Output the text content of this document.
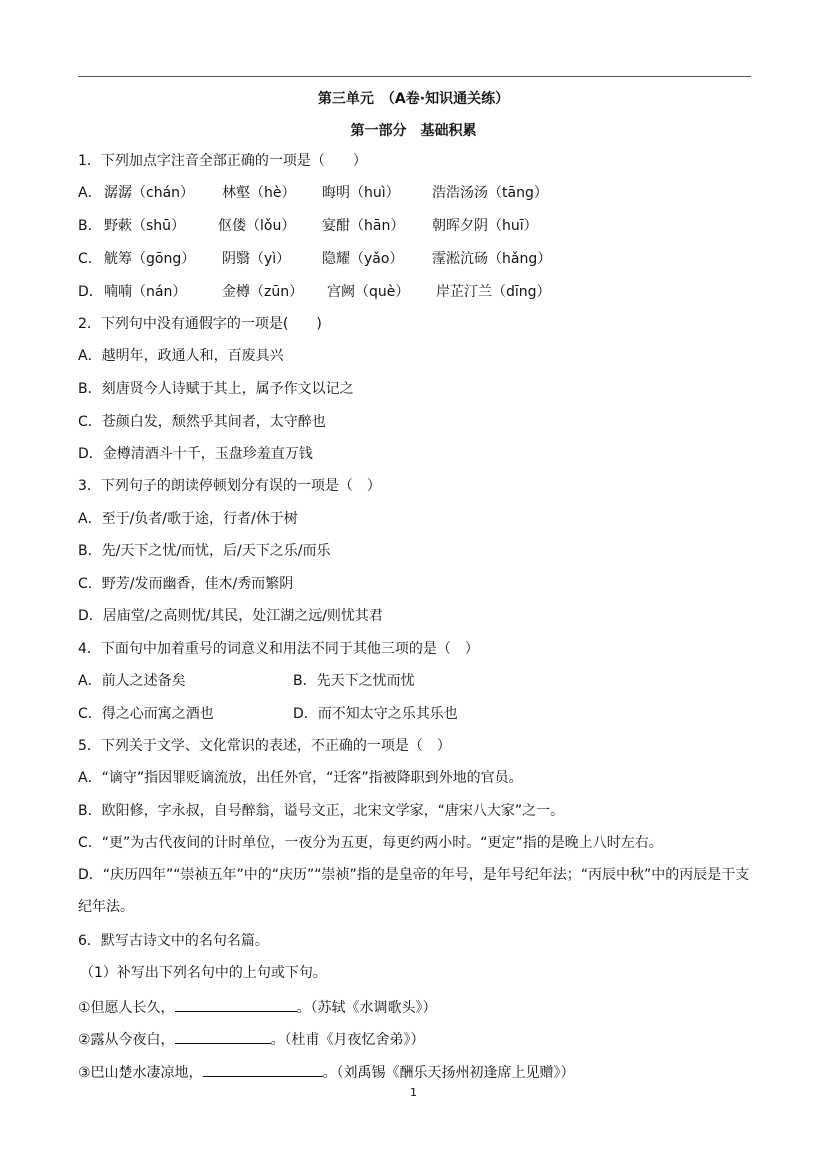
第三单元　（A卷·知识通关练）
第一部分　基础积累
1．下列加点字注音全部正确的一项是（　　）
A． 潺潺（chán） 林壑（hè） 晦明（huì） 浩浩汤汤（tāng）
B． 野蔌（shū） 伛偻（lǒu） 宴酣（hān） 朝晖夕阴（huī）
C． 觥筹（gōng） 阴翳（yì） 隐耀（yǎo） 霪淞沆砀（hǎng）
D． 喃喃（nán）	金樽（zūn） 宫阙（què） 岸芷汀兰（dīng）
2．下列句中没有通假字的一项是(　　)
A．越明年，政通人和，百废具兴
B．刻唐贤今人诗赋于其上，属予作文以记之
C．苍颜白发，颓然乎其间者，太守醉也
D．金樽清酒斗十千，玉盘珍羞直万钱
3．下列句子的朗读停顿划分有误的一项是（　）
A．至于/负者/歌于途，行者/休于树
B．先/天下之忧/而忧，后/天下之乐/而乐
C．野芳/发而幽香，佳木/秀而繁阴
D．居庙堂/之高则忧/其民，处江湖之远/则忧其君
4．下面句中加着重号的词意义和用法不同于其他三项的是（　）
A．前人之述备矣	B．先天下之忧而忧
C．得之心而寓之酒也	D．而不知太守之乐其乐也
5．下列关于文学、文化常识的表述，不正确的一项是（　）
A．“谪守”指因罪贬谪流放，出任外官，“迁客”指被降职到外地的官员。
B．欧阳修，字永叔，自号醉翁，谥号文正，北宋文学家，“唐宋八大家”之一。
C．“更”为古代夜间的计时单位，一夜分为五更，每更约两小时。“更定”指的是晚上八时左右。
D．“庆历四年”“崇祯五年”中的“庆历”“崇祯”指的是皇帝的年号，是年号纪年法；“丙辰中秋”中的丙辰是干支纪年法。
6．默写古诗文中的名句名篇。
（1）补写出下列名句中的上句或下句。
①但愿人长久，	。（苏轼《水调歌头》）
②露从今夜白，	。（杜甫《月夜忆舍弟》）
③巴山楚水凄凉地，	。（刘禹锡《酬乐天扬州初逢席上见赠》）
1
